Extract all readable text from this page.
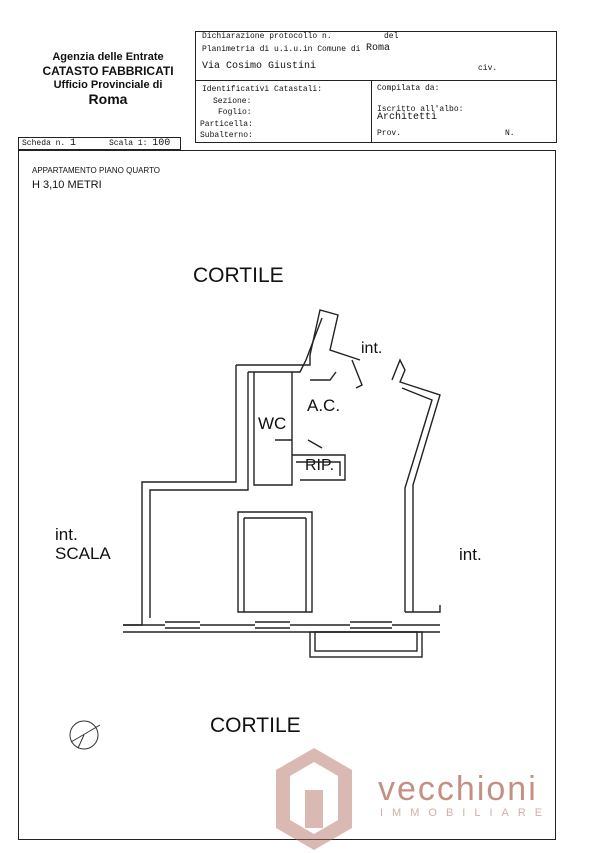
Agenzia delle Entrate
CATASTO FABBRICATI
Ufficio Provinciale di
Roma
Dichiarazione protocollo n.	del
Planimetria di u.i.u.in Comune di Roma
Via Cosimo Giustini	civ.
Identificativi Catastali:
Sezione:
Foglio:
Particella:
Subalterno:
Compilata da:
Iscritto all'albo:
Architetti
Prov.	N.
Scheda n. 1	Scala 1: 100
APPARTAMENTO PIANO QUARTO
H 3,10 METRI
CORTILE
int.
A.C.
WC
RIP.
int.
SCALA	int.
CORTILE
vecchioni
IMMOBILIARE
